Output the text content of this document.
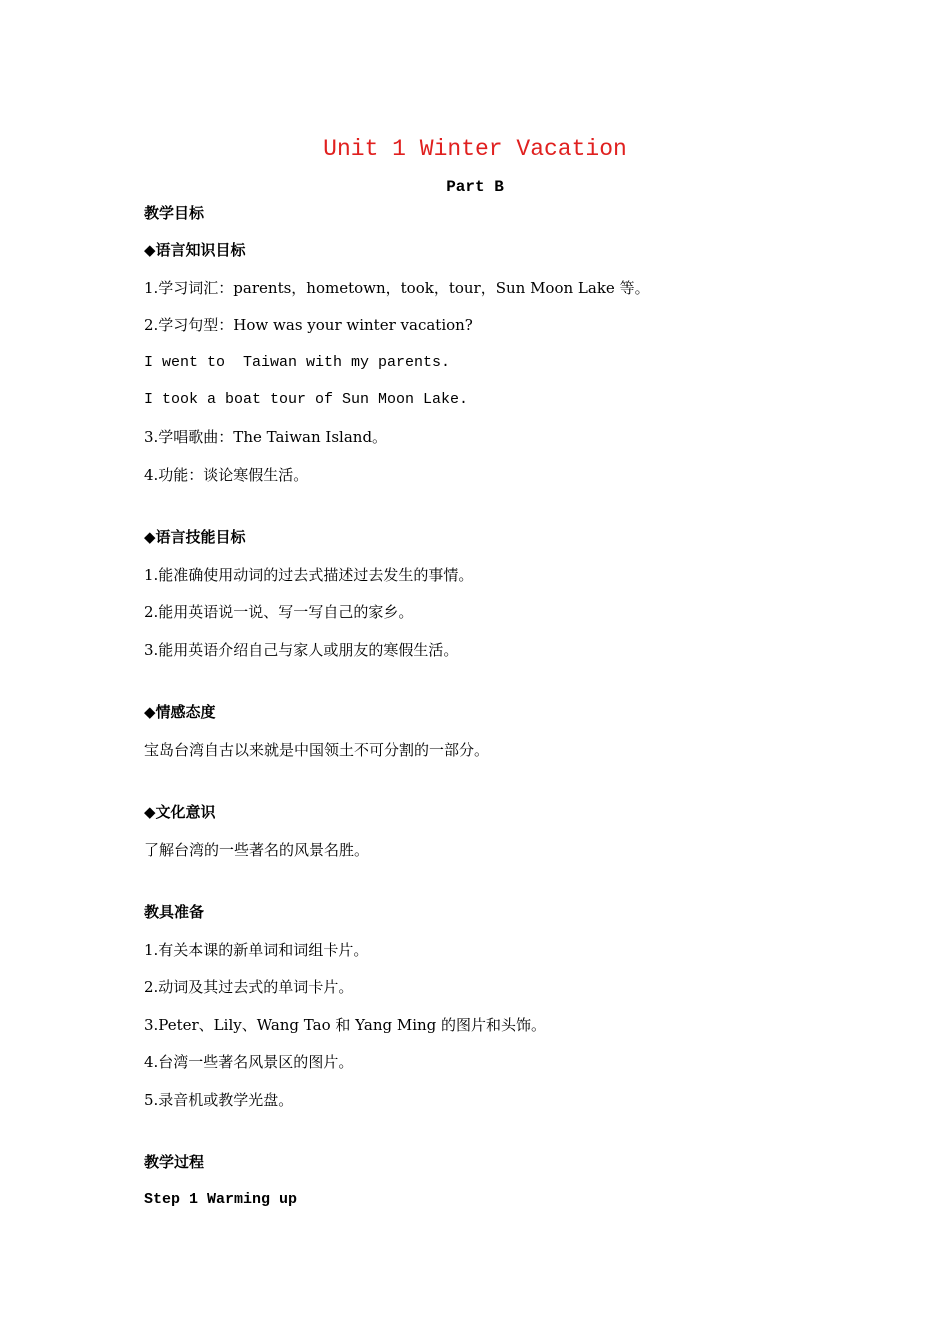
Unit 1 Winter Vacation
Part B
教学目标
◆语言知识目标
1.学习词汇：parents，hometown，took，tour，Sun Moon Lake 等。
2.学习句型：How was your winter vacation?
I went to  Taiwan with my parents.
I took a boat tour of Sun Moon Lake.
3.学唱歌曲：The Taiwan Island。
4.功能：谈论寒假生活。
◆语言技能目标
1.能准确使用动词的过去式描述过去发生的事情。
2.能用英语说一说、写一写自己的家乡。
3.能用英语介绍自己与家人或朋友的寒假生活。
◆情感态度
宝岛台湾自古以来就是中国领土不可分割的一部分。
◆文化意识
了解台湾的一些著名的风景名胜。
教具准备
1.有关本课的新单词和词组卡片。
2.动词及其过去式的单词卡片。
3.Peter、Lily、Wang Tao 和 Yang Ming 的图片和头饰。
4.台湾一些著名风景区的图片。
5.录音机或教学光盘。
教学过程
Step 1 Warming up
